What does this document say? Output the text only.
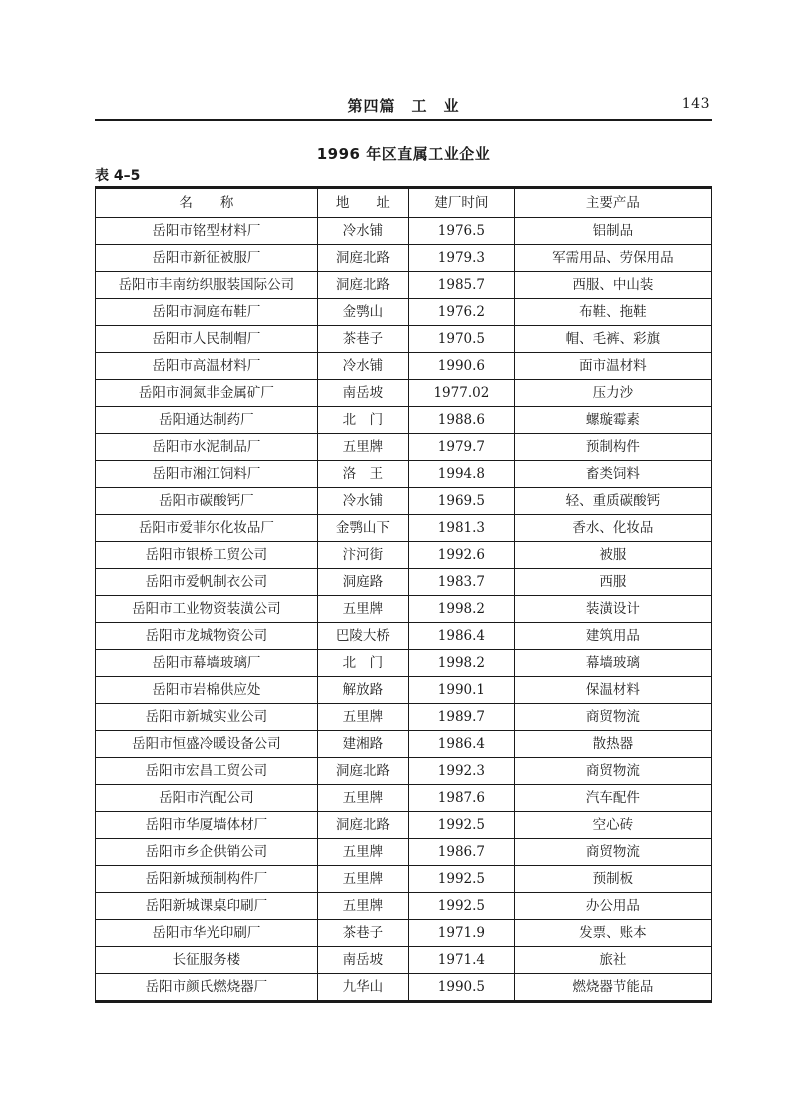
第四篇　工　业	143
1996 年区直属工业企业
表 4–5
名　　称	地　　址	建厂时间	主要产品
岳阳市铭型材料厂	冷水铺	1976.5	铝制品
岳阳市新征被服厂	洞庭北路	1979.3	军需用品、劳保用品
岳阳市丰南纺织服装国际公司	洞庭北路	1985.7	西服、中山装
岳阳市洞庭布鞋厂	金鹗山	1976.2	布鞋、拖鞋
岳阳市人民制帽厂	茶巷子	1970.5	帽、毛裤、彩旗
岳阳市高温材料厂	冷水铺	1990.6	面市温材料
岳阳市洞氮非金属矿厂	南岳坡	1977.02	压力沙
岳阳通达制药厂	北　门	1988.6	螺璇霉素
岳阳市水泥制品厂	五里牌	1979.7	预制构件
岳阳市湘江饲料厂	洛　王	1994.8	畜类饲料
岳阳市碳酸钙厂	冷水铺	1969.5	轻、重质碳酸钙
岳阳市爱菲尔化妆品厂	金鹗山下	1981.3	香水、化妆品
岳阳市银桥工贸公司	汴河街	1992.6	被服
岳阳市爱帆制衣公司	洞庭路	1983.7	西服
岳阳市工业物资装潢公司	五里牌	1998.2	装潢设计
岳阳市龙城物资公司	巴陵大桥	1986.4	建筑用品
岳阳市幕墙玻璃厂	北　门	1998.2	幕墙玻璃
岳阳市岩棉供应处	解放路	1990.1	保温材料
岳阳市新城实业公司	五里牌	1989.7	商贸物流
岳阳市恒盛冷暖设备公司	建湘路	1986.4	散热器
岳阳市宏昌工贸公司	洞庭北路	1992.3	商贸物流
岳阳市汽配公司	五里牌	1987.6	汽车配件
岳阳市华厦墙体材厂	洞庭北路	1992.5	空心砖
岳阳市乡企供销公司	五里牌	1986.7	商贸物流
岳阳新城预制构件厂	五里牌	1992.5	预制板
岳阳新城课桌印刷厂	五里牌	1992.5	办公用品
岳阳市华光印刷厂	茶巷子	1971.9	发票、账本
长征服务楼	南岳坡	1971.4	旅社
岳阳市颜氏燃烧器厂	九华山	1990.5	燃烧器节能品
